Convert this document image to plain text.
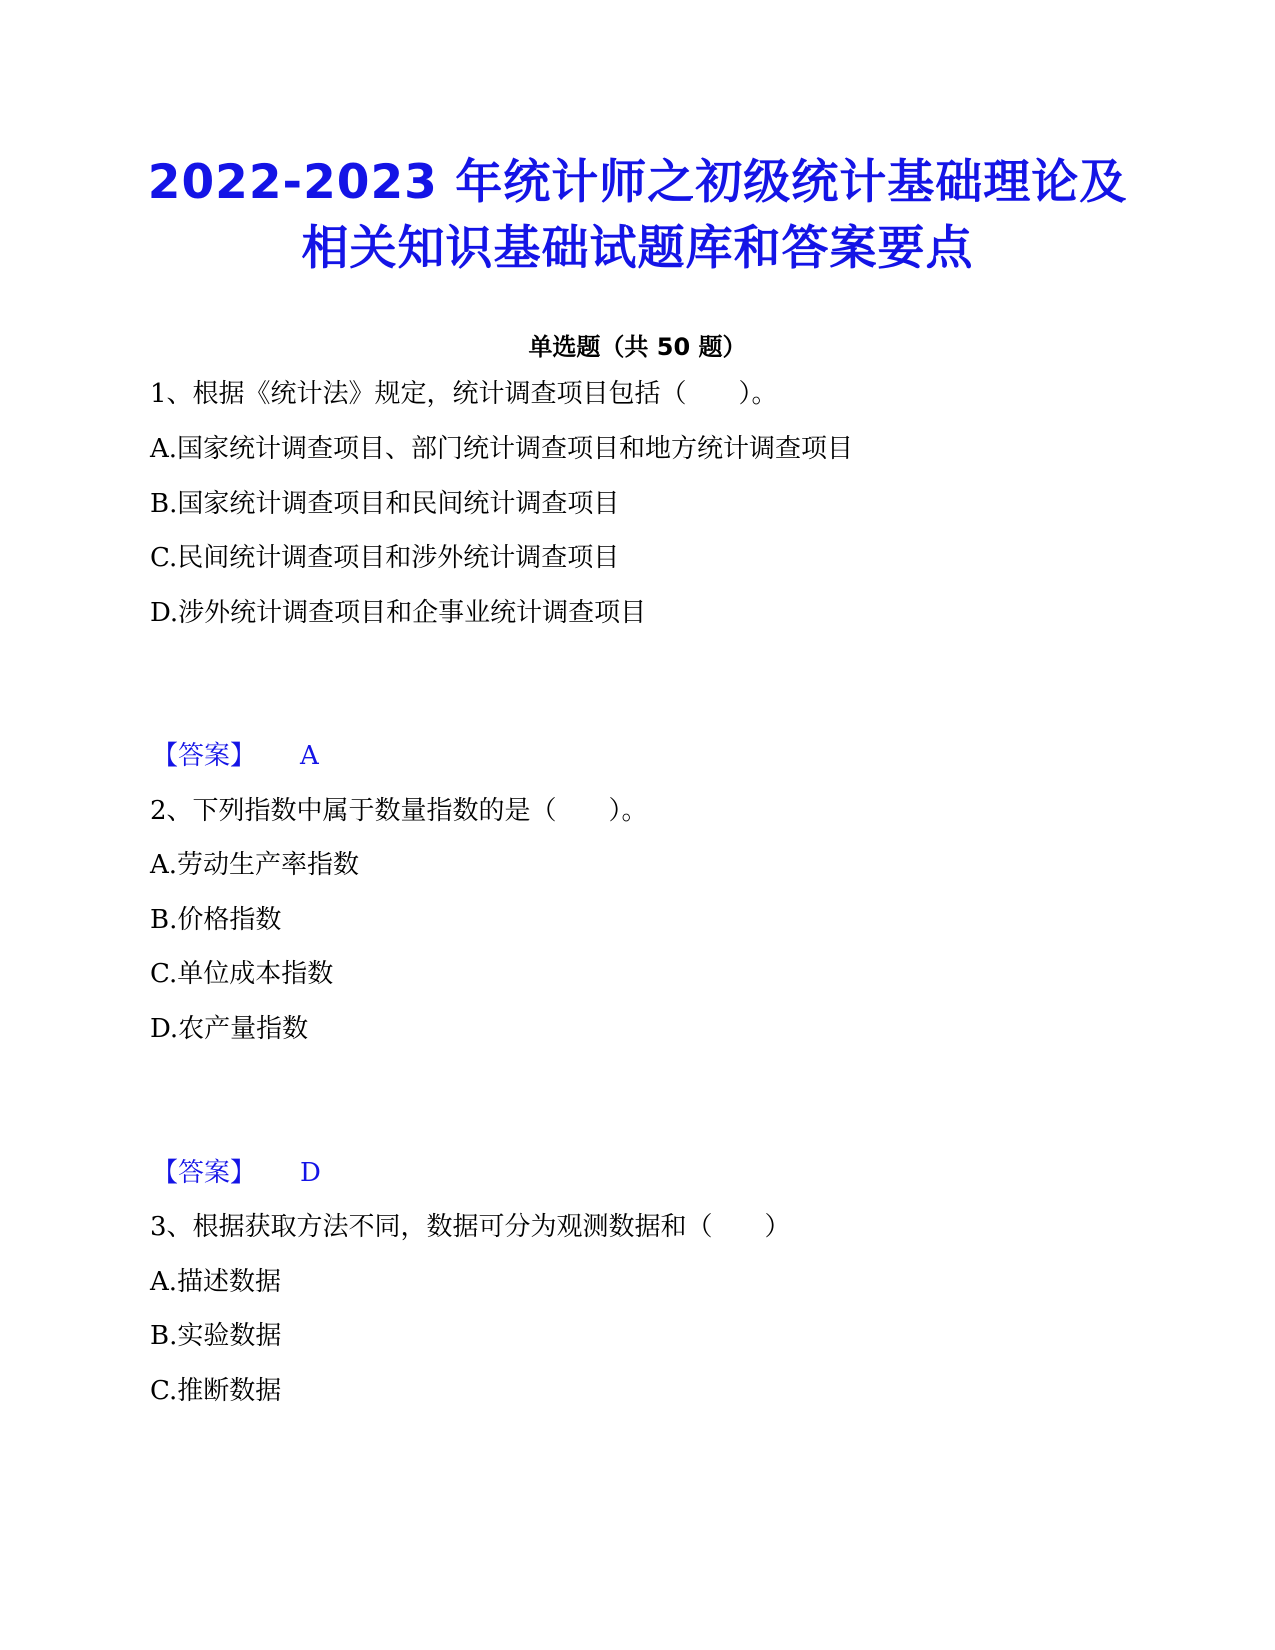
2022-2023 年统计师之初级统计基础理论及
相关知识基础试题库和答案要点
单选题（共 50 题）

1、根据《统计法》规定，统计调查项目包括（　　）。

A.国家统计调查项目、部门统计调查项目和地方统计调查项目

B.国家统计调查项目和民间统计调查项目

C.民间统计调查项目和涉外统计调查项目

D.涉外统计调查项目和企事业统计调查项目

【答案】 A

2、下列指数中属于数量指数的是（　　）。

A.劳动生产率指数

B.价格指数

C.单位成本指数

D.农产量指数

【答案】 D

3、根据获取方法不同，数据可分为观测数据和（　　）

A.描述数据

B.实验数据

C.推断数据
